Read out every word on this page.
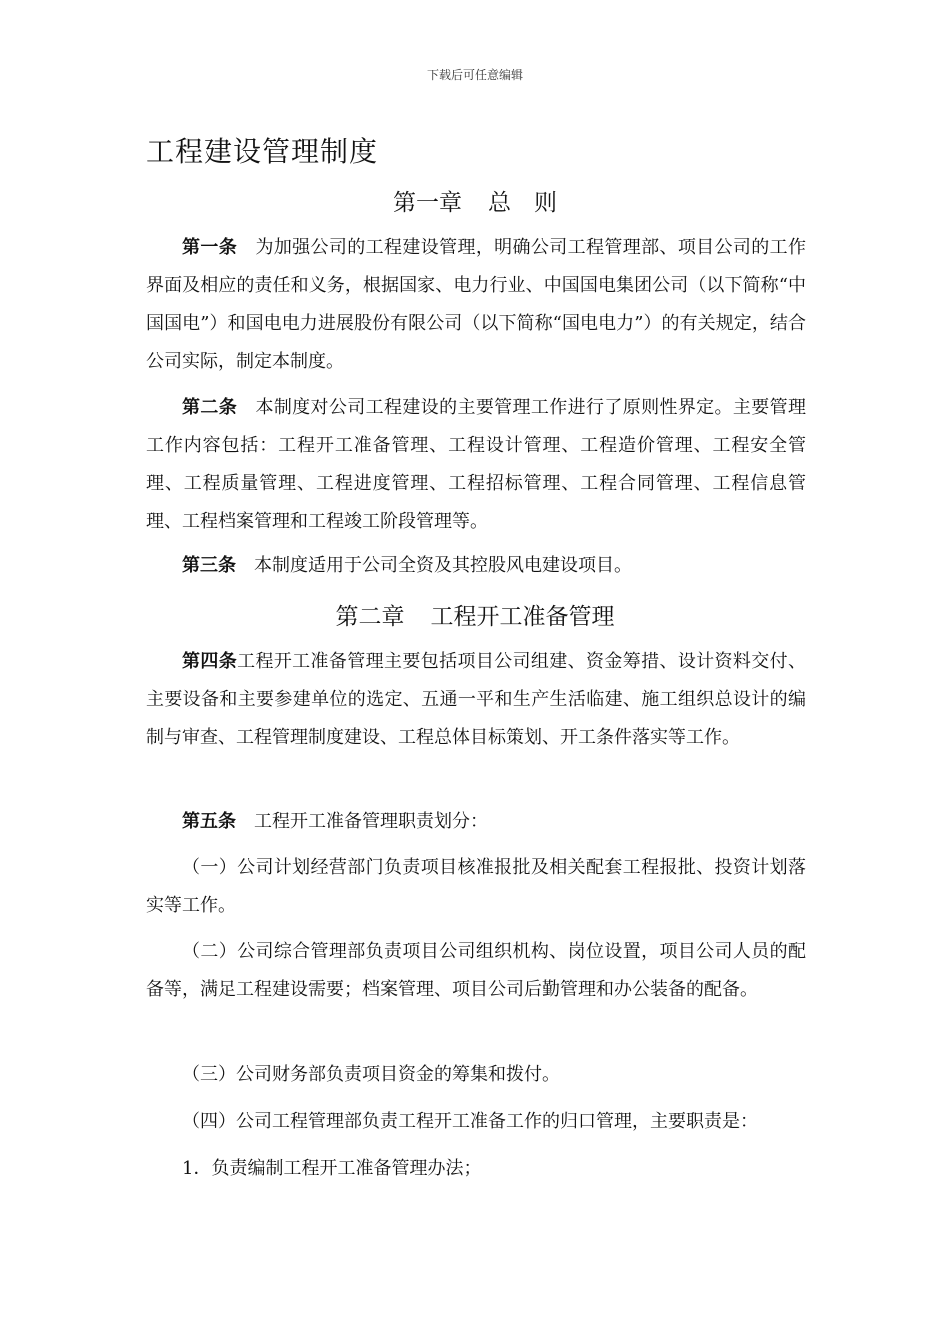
下载后可任意编辑
工程建设管理制度
第一章 总　则
第一条 为加强公司的工程建设管理，明确公司工程管理部、项目公司的工作界面及相应的责任和义务，根据国家、电力行业、中国国电集团公司（以下简称“中国国电”）和国电电力进展股份有限公司（以下简称“国电电力”）的有关规定，结合公司实际，制定本制度。
第二条 本制度对公司工程建设的主要管理工作进行了原则性界定。主要管理工作内容包括：工程开工准备管理、工程设计管理、工程造价管理、工程安全管理、工程质量管理、工程进度管理、工程招标管理、工程合同管理、工程信息管理、工程档案管理和工程竣工阶段管理等。
第三条 本制度适用于公司全资及其控股风电建设项目。
第二章 工程开工准备管理
第四条工程开工准备管理主要包括项目公司组建、资金筹措、设计资料交付、主要设备和主要参建单位的选定、五通一平和生产生活临建、施工组织总设计的编制与审查、工程管理制度建设、工程总体目标策划、开工条件落实等工作。
第五条 工程开工准备管理职责划分：
（一）公司计划经营部门负责项目核准报批及相关配套工程报批、投资计划落实等工作。
（二）公司综合管理部负责项目公司组织机构、岗位设置，项目公司人员的配备等，满足工程建设需要；档案管理、项目公司后勤管理和办公装备的配备。
（三）公司财务部负责项目资金的筹集和拨付。
（四）公司工程管理部负责工程开工准备工作的归口管理，主要职责是：
1．负责编制工程开工准备管理办法；
